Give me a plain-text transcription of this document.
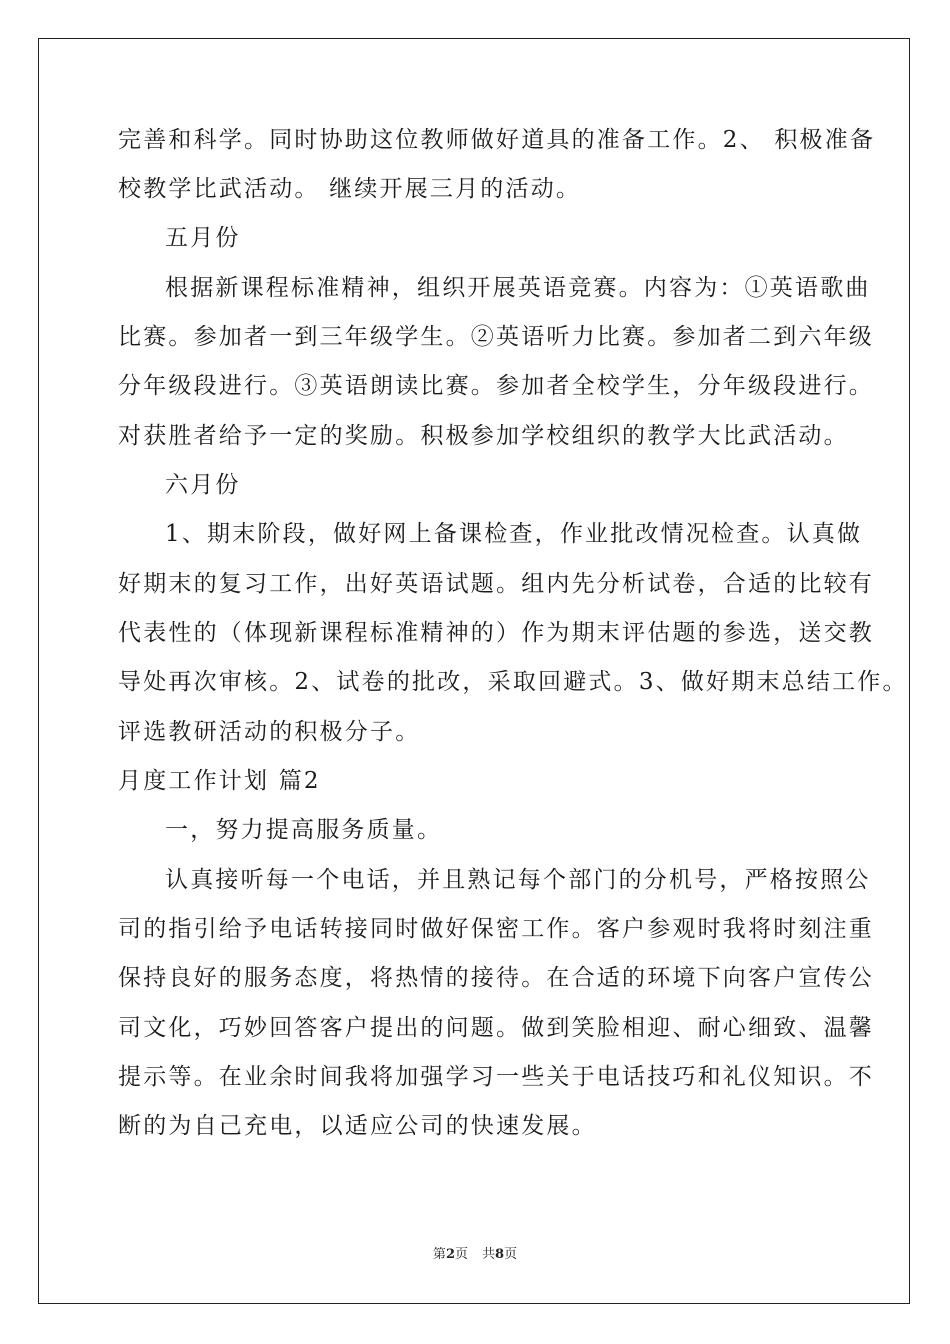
完善和科学。同时协助这位教师做好道具的准备工作。2、 积极准备
校教学比武活动。 继续开展三月的活动。
五月份
根据新课程标准精神，组织开展英语竞赛。内容为：①英语歌曲
比赛。参加者一到三年级学生。②英语听力比赛。参加者二到六年级
分年级段进行。③英语朗读比赛。参加者全校学生，分年级段进行。
对获胜者给予一定的奖励。积极参加学校组织的教学大比武活动。
六月份
1、期末阶段，做好网上备课检查，作业批改情况检查。认真做
好期末的复习工作，出好英语试题。组内先分析试卷，合适的比较有
代表性的（体现新课程标准精神的）作为期末评估题的参选，送交教
导处再次审核。2、试卷的批改，采取回避式。3、做好期末总结工作。
评选教研活动的积极分子。
月度工作计划 篇2
一，努力提高服务质量。
认真接听每一个电话，并且熟记每个部门的分机号，严格按照公
司的指引给予电话转接同时做好保密工作。客户参观时我将时刻注重
保持良好的服务态度，将热情的接待。在合适的环境下向客户宣传公
司文化，巧妙回答客户提出的问题。做到笑脸相迎、耐心细致、温馨
提示等。在业余时间我将加强学习一些关于电话技巧和礼仪知识。不
断的为自己充电，以适应公司的快速发展。
第2页 共8页
